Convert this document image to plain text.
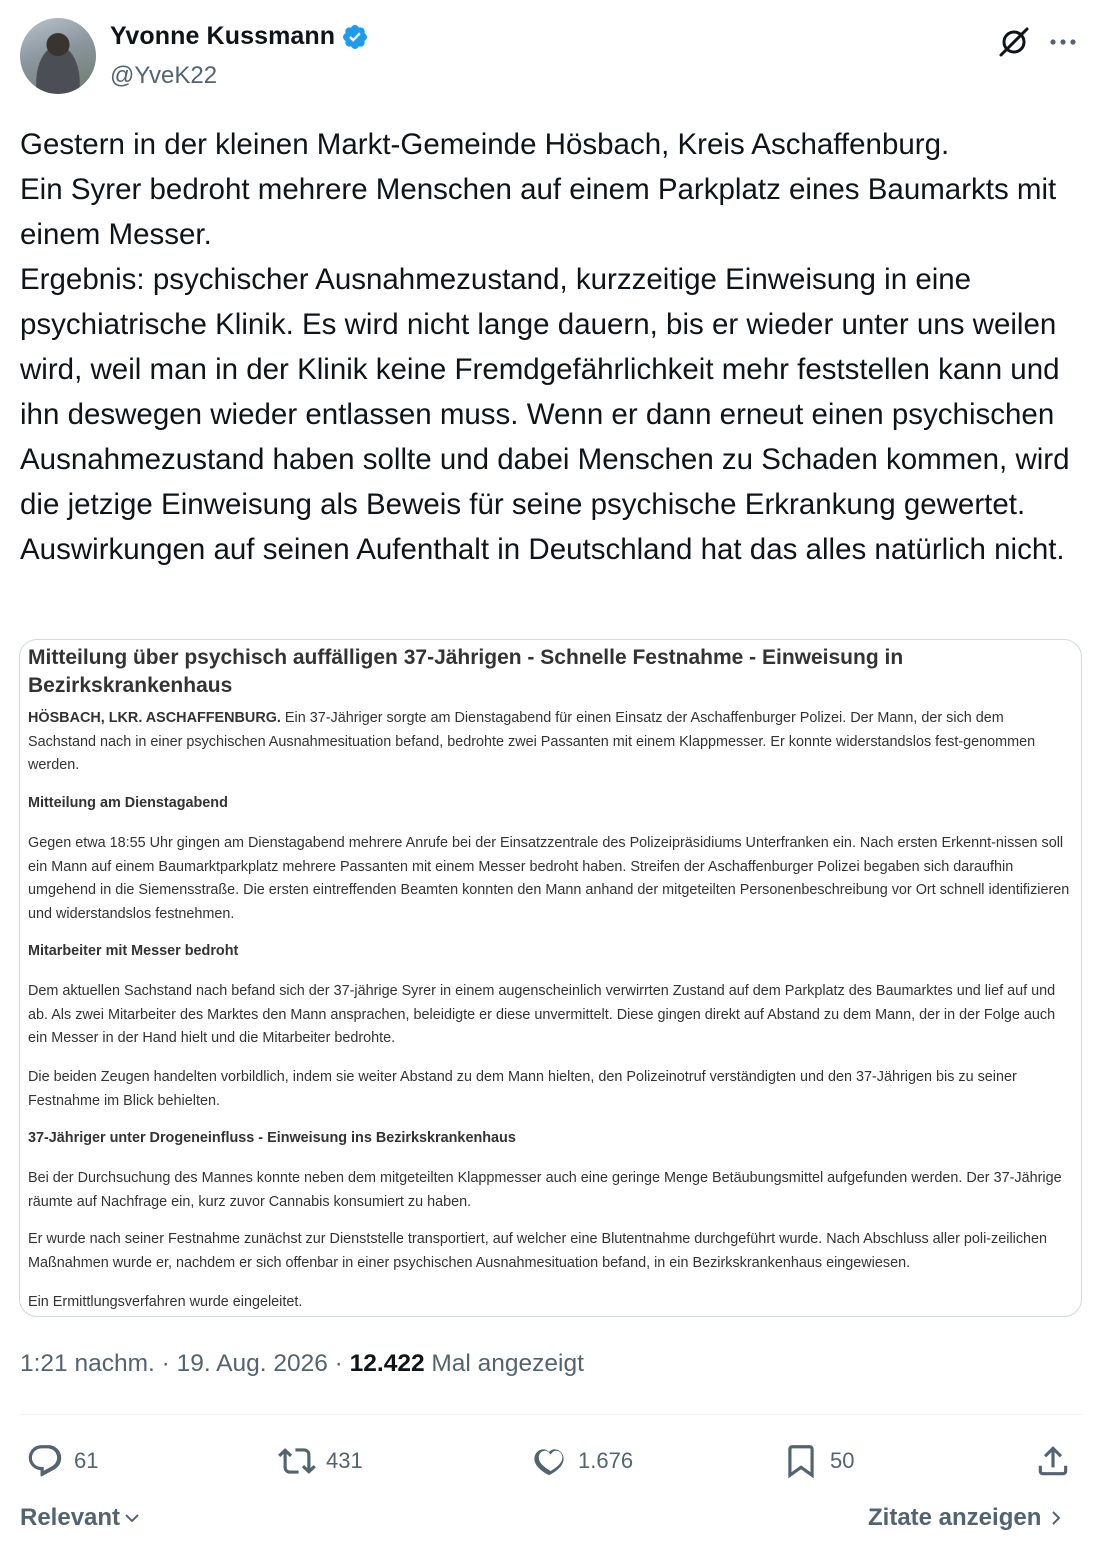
Yvonne Kussmann
@YveK22
Gestern in der kleinen Markt-Gemeinde Hösbach, Kreis Aschaffenburg.
Ein Syrer bedroht mehrere Menschen auf einem Parkplatz eines Baumarkts mit einem Messer.
Ergebnis: psychischer Ausnahmezustand, kurzzeitige Einweisung in eine psychiatrische Klinik. Es wird nicht lange dauern, bis er wieder unter uns weilen wird, weil man in der Klinik keine Fremdgefährlichkeit mehr feststellen kann und ihn deswegen wieder entlassen muss. Wenn er dann erneut einen psychischen Ausnahmezustand haben sollte und dabei Menschen zu Schaden kommen, wird die jetzige Einweisung als Beweis für seine psychische Erkrankung gewertet. Auswirkungen auf seinen Aufenthalt in Deutschland hat das alles natürlich nicht.
Mitteilung über psychisch auffälligen 37-Jährigen - Schnelle Festnahme - Einweisung in Bezirkskrankenhaus

HÖSBACH, LKR. ASCHAFFENBURG. Ein 37-Jähriger sorgte am Dienstagabend für einen Einsatz der Aschaffenburger Polizei. Der Mann, der sich dem Sachstand nach in einer psychischen Ausnahmesituation befand, bedrohte zwei Passanten mit einem Klappmesser. Er konnte widerstandslos fest-genommen werden.

Mitteilung am Dienstagabend

Gegen etwa 18:55 Uhr gingen am Dienstagabend mehrere Anrufe bei der Einsatzzentrale des Polizeipräsidiums Unterfranken ein. Nach ersten Erkennt-nissen soll ein Mann auf einem Baumarktparkplatz mehrere Passanten mit einem Messer bedroht haben. Streifen der Aschaffenburger Polizei begaben sich daraufhin umgehend in die Siemensstraße. Die ersten eintreffenden Beamten konnten den Mann anhand der mitgeteilten Personenbeschreibung vor Ort schnell identifizieren und widerstandslos festnehmen.

Mitarbeiter mit Messer bedroht

Dem aktuellen Sachstand nach befand sich der 37-jährige Syrer in einem augenscheinlich verwirrten Zustand auf dem Parkplatz des Baumarktes und lief auf und ab. Als zwei Mitarbeiter des Marktes den Mann ansprachen, beleidigte er diese unvermittelt. Diese gingen direkt auf Abstand zu dem Mann, der in der Folge auch ein Messer in der Hand hielt und die Mitarbeiter bedrohte.

Die beiden Zeugen handelten vorbildlich, indem sie weiter Abstand zu dem Mann hielten, den Polizeinotruf verständigten und den 37-Jährigen bis zu seiner Festnahme im Blick behielten.

37-Jähriger unter Drogeneinfluss - Einweisung ins Bezirkskrankenhaus

Bei der Durchsuchung des Mannes konnte neben dem mitgeteilten Klappmesser auch eine geringe Menge Betäubungsmittel aufgefunden werden. Der 37-Jährige räumte auf Nachfrage ein, kurz zuvor Cannabis konsumiert zu haben.

Er wurde nach seiner Festnahme zunächst zur Dienststelle transportiert, auf welcher eine Blutentnahme durchgeführt wurde. Nach Abschluss aller poli-zeilichen Maßnahmen wurde er, nachdem er sich offenbar in einer psychischen Ausnahmesituation befand, in ein Bezirkskrankenhaus eingewiesen.

Ein Ermittlungsverfahren wurde eingeleitet.

1:21 nachm. · 19. Aug. 2026 · 12.422 Mal angezeigt
61	431	1.676	50
Relevant	Zitate anzeigen
